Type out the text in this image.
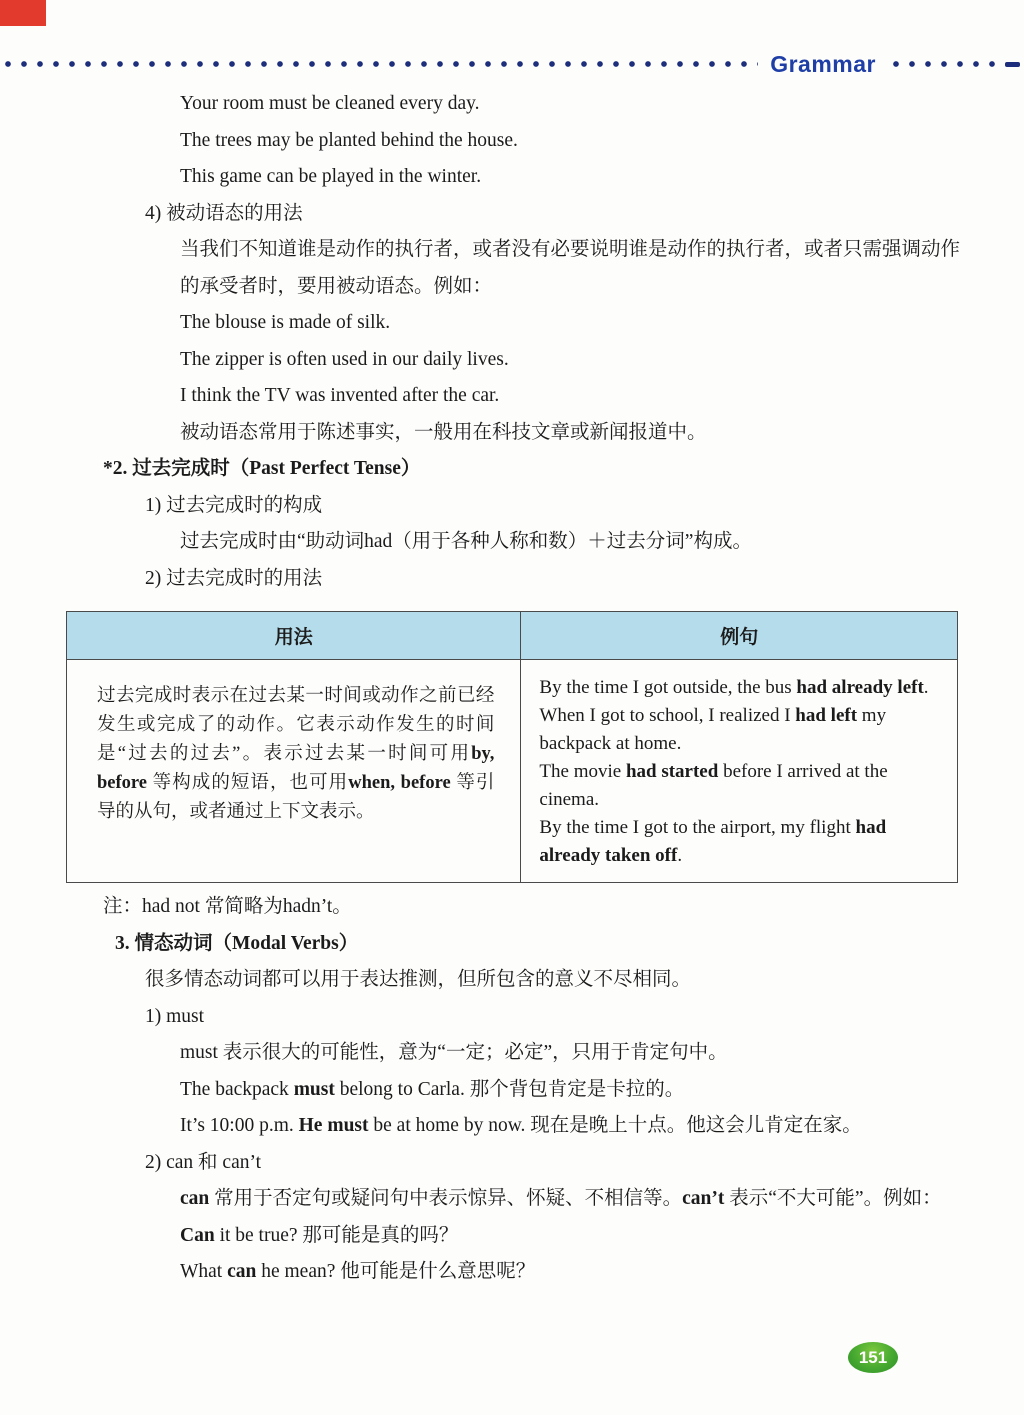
Grammar

Your room must be cleaned every day.

The trees may be planted behind the house.

This game can be played in the winter.

4) 被动语态的用法

当我们不知道谁是动作的执行者，或者没有必要说明谁是动作的执行者，或者只需强调动作的承受者时，要用被动语态。例如：

The blouse is made of silk.

The zipper is often used in our daily lives.

I think the TV was invented after the car.

被动语态常用于陈述事实，一般用在科技文章或新闻报道中。

*2. 过去完成时（Past Perfect Tense）

1) 过去完成时的构成

过去完成时由“助动词had（用于各种人称和数）＋过去分词”构成。

2) 过去完成时的用法

用法	例句

过去完成时表示在过去某一时间或动作之前已经发生或完成了的动作。它表示动作发生的时间是“过去的过去”。表示过去某一时间可用by, before 等构成的短语，也可用when, before 等引导的从句，或者通过上下文表示。	By the time I got outside, the bus had already left.

When I got to school, I realized I had left my backpack at home.

The movie had started before I arrived at the cinema.

By the time I got to the airport, my flight had already taken off.

注：had not 常简略为hadn’t。

3. 情态动词（Modal Verbs）

很多情态动词都可以用于表达推测，但所包含的意义不尽相同。

1) must

must 表示很大的可能性，意为“一定；必定”，只用于肯定句中。

The backpack must belong to Carla. 那个背包肯定是卡拉的。

It’s 10:00 p.m. He must be at home by now. 现在是晚上十点。他这会儿肯定在家。

2) can 和 can’t

can 常用于否定句或疑问句中表示惊异、怀疑、不相信等。can’t 表示“不大可能”。例如：

Can it be true? 那可能是真的吗？

What can he mean? 他可能是什么意思呢？

151
